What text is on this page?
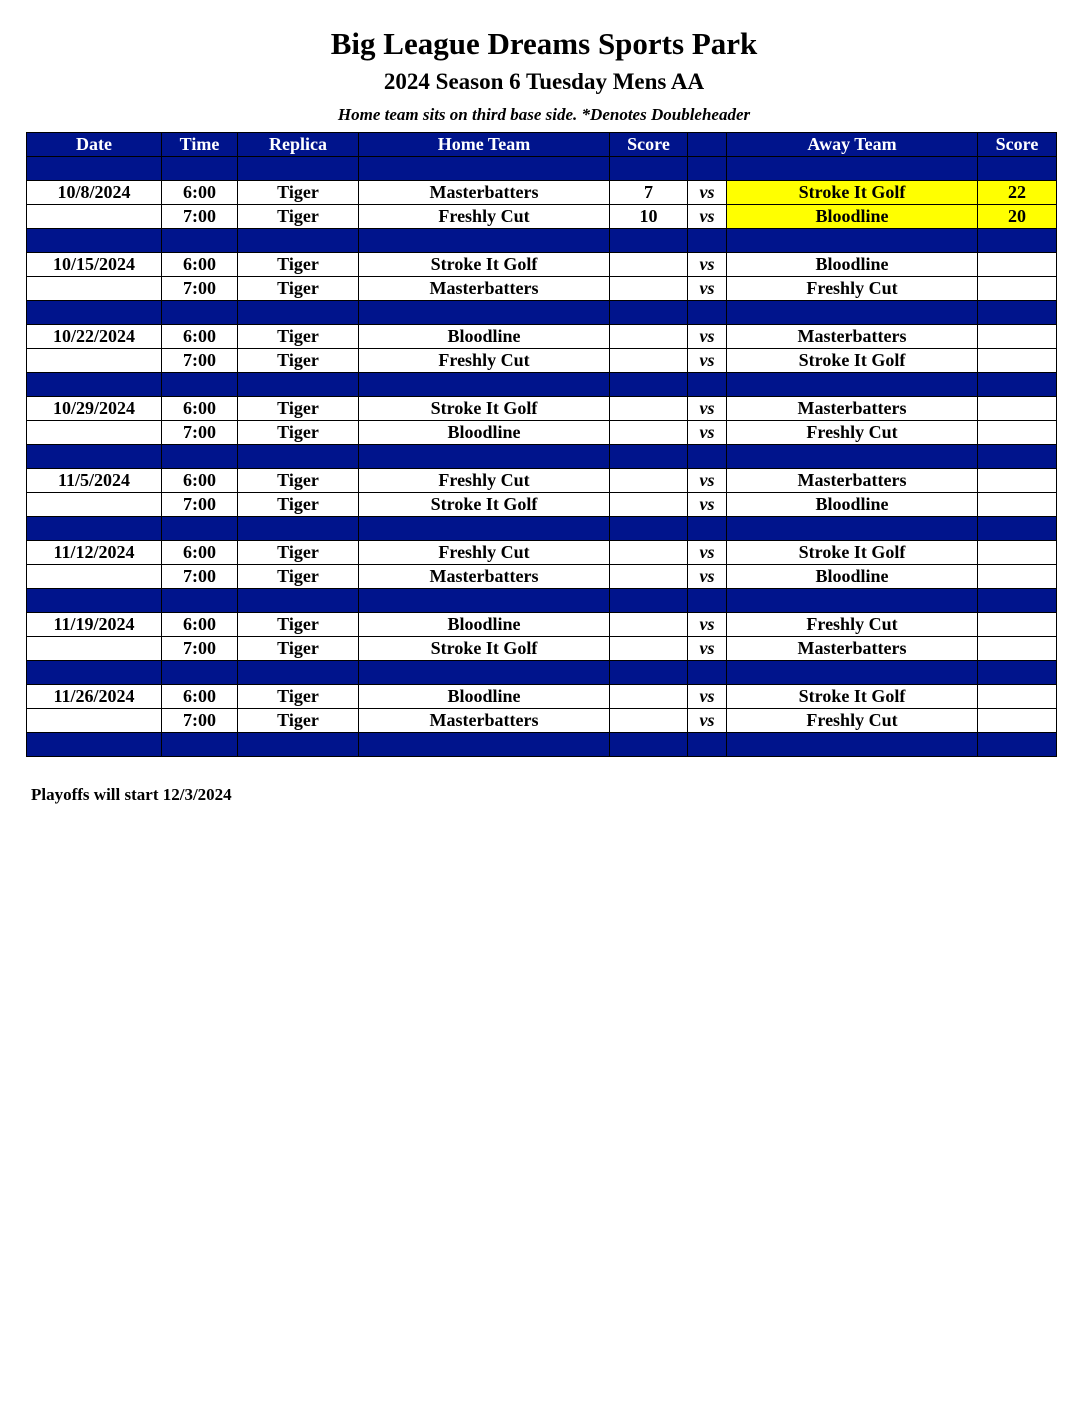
Big League Dreams Sports Park
2024 Season 6 Tuesday Mens AA
Home team sits on third base side. *Denotes Doubleheader
Date	Time	Replica	Home Team	Score		Away Team	Score

10/8/2024	6:00	Tiger	Masterbatters	7	vs	Stroke It Golf	22
	7:00	Tiger	Freshly Cut	10	vs	Bloodline	20

10/15/2024	6:00	Tiger	Stroke It Golf		vs	Bloodline	
	7:00	Tiger	Masterbatters		vs	Freshly Cut	

10/22/2024	6:00	Tiger	Bloodline		vs	Masterbatters	
	7:00	Tiger	Freshly Cut		vs	Stroke It Golf	

10/29/2024	6:00	Tiger	Stroke It Golf		vs	Masterbatters	
	7:00	Tiger	Bloodline		vs	Freshly Cut	

11/5/2024	6:00	Tiger	Freshly Cut		vs	Masterbatters	
	7:00	Tiger	Stroke It Golf		vs	Bloodline	

11/12/2024	6:00	Tiger	Freshly Cut		vs	Stroke It Golf	
	7:00	Tiger	Masterbatters		vs	Bloodline	

11/19/2024	6:00	Tiger	Bloodline		vs	Freshly Cut	
	7:00	Tiger	Stroke It Golf		vs	Masterbatters	

11/26/2024	6:00	Tiger	Bloodline		vs	Stroke It Golf	
	7:00	Tiger	Masterbatters		vs	Freshly Cut	

Playoffs will start 12/3/2024
